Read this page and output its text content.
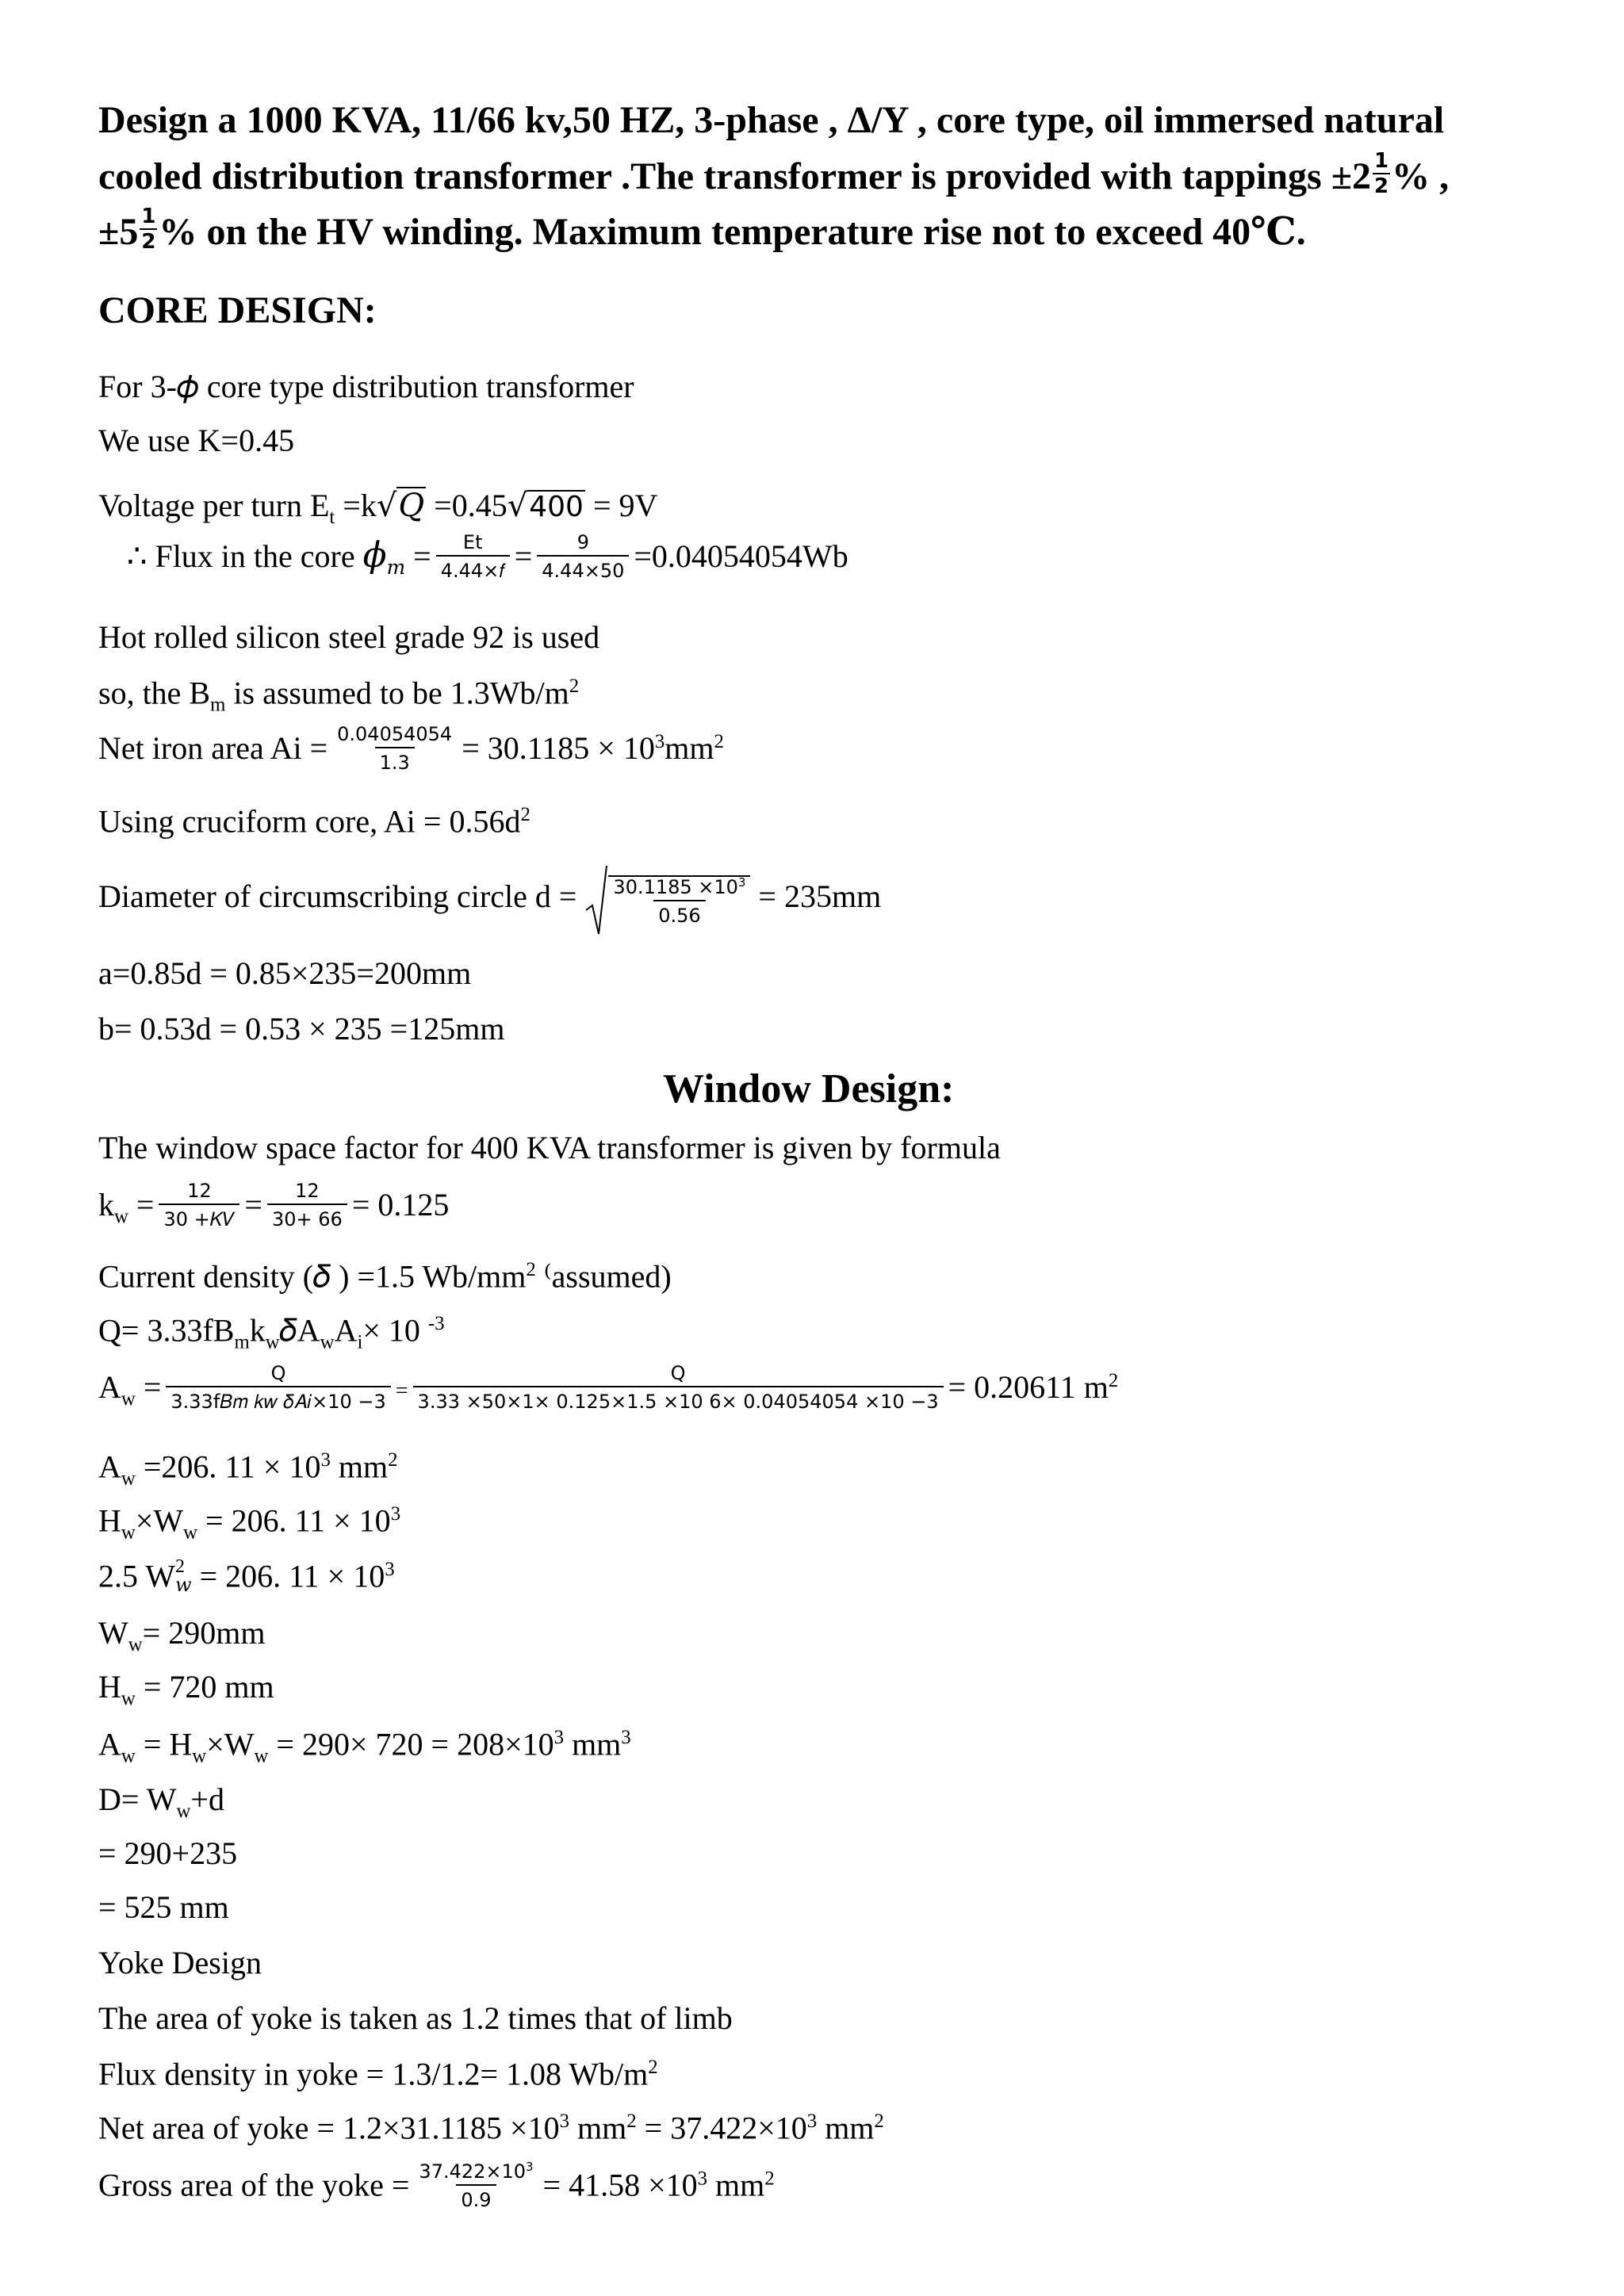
Design a 1000 KVA, 11/66 kv,50 HZ, 3-phase , Δ/Y , core type, oil immersed natural
cooled distribution transformer .The transformer is provided with tappings $\pm 2 \frac{1}{2}$ % ,
$\pm 5 \frac{1}{2}$ % on the HV winding. Maximum temperature rise not to exceed 40℃.
CORE DESIGN:
For 3-𝜙 core type distribution transformer
We use K=0.45
Voltage per turn $E_t$ =k√𝑄 =0.45√400 = 9V
∴ Flux in the core 𝜙$_𝑚$ = $\frac{Et}{\text{4.44×𝑓}} = \frac{9}{4.44\times 50} =0.04054054Wb$
Hot rolled silicon steel grade 92 is used
so, the $B_m$ is assumed to be $1.3Wb/m^2$
Net iron area $Ai = \frac{0.04054054}{1.3} = 30.1185 \times 10^3mm^2$
Using cruciform core, $Ai = 0.56d^2$
Diameter of circumscribing circle $d = \frac{30.1185 \times 10^3}{0.56} = 235mm$
a=0.85d = 0.85×235=200mm
b= 0.53d = 0.53 × 235 =125mm
Window Design:
The window space factor for 400 KVA transformer is given by formula
$k_w = \frac{12}{\text{30 +𝐾𝑉}} = \frac{12}{30+ 66} = 0.125$
Current density (𝛿 ) =1.5 $Wb/mm^2$ ⁽assumed)
$Q= 3.33fB_mk_w𝛿A_wA_i\times 10$ $^{-3}$
$A_w = \frac{Q}{\text{3.33f𝐵𝑚 𝑘𝑤 𝛿𝐴𝑖×10 −3}} = \frac{Q}{3.33 \times 50\times 1\times 0.125\times 1.5 \times 10 6\times 0.04054054 \times 10 -3} = 0.20611$ $m^2$
$A_w =206$. $11 \times 10^3$ $mm^2$
$H_w\times W_w = 206$. $11 \times 10^3$
2.5 W 2
𝑤 = 206. $11 \times 10^3$
$W_w= 290mm$
$H_w = 720$ mm
$A_w = H_w\times W_w = 290\times 720 = 208\times 10^3$ $mm^3$
$D= W_w+d$
= 290+235
= 525 mm
Yoke Design
The area of yoke is taken as 1.2 times that of limb
Flux density in yoke = 1.3/1.2= 1.08 $Wb/m^2$
Net area of yoke = $1.2\times 31.1185 \times 10^3$ $mm^2 = 37.422\times 10^3$ $mm^2$
Gross area of the yoke = $\frac{37.422\times 10^3}{0.9} = 41.58 \times 10^3$ $mm^2$
